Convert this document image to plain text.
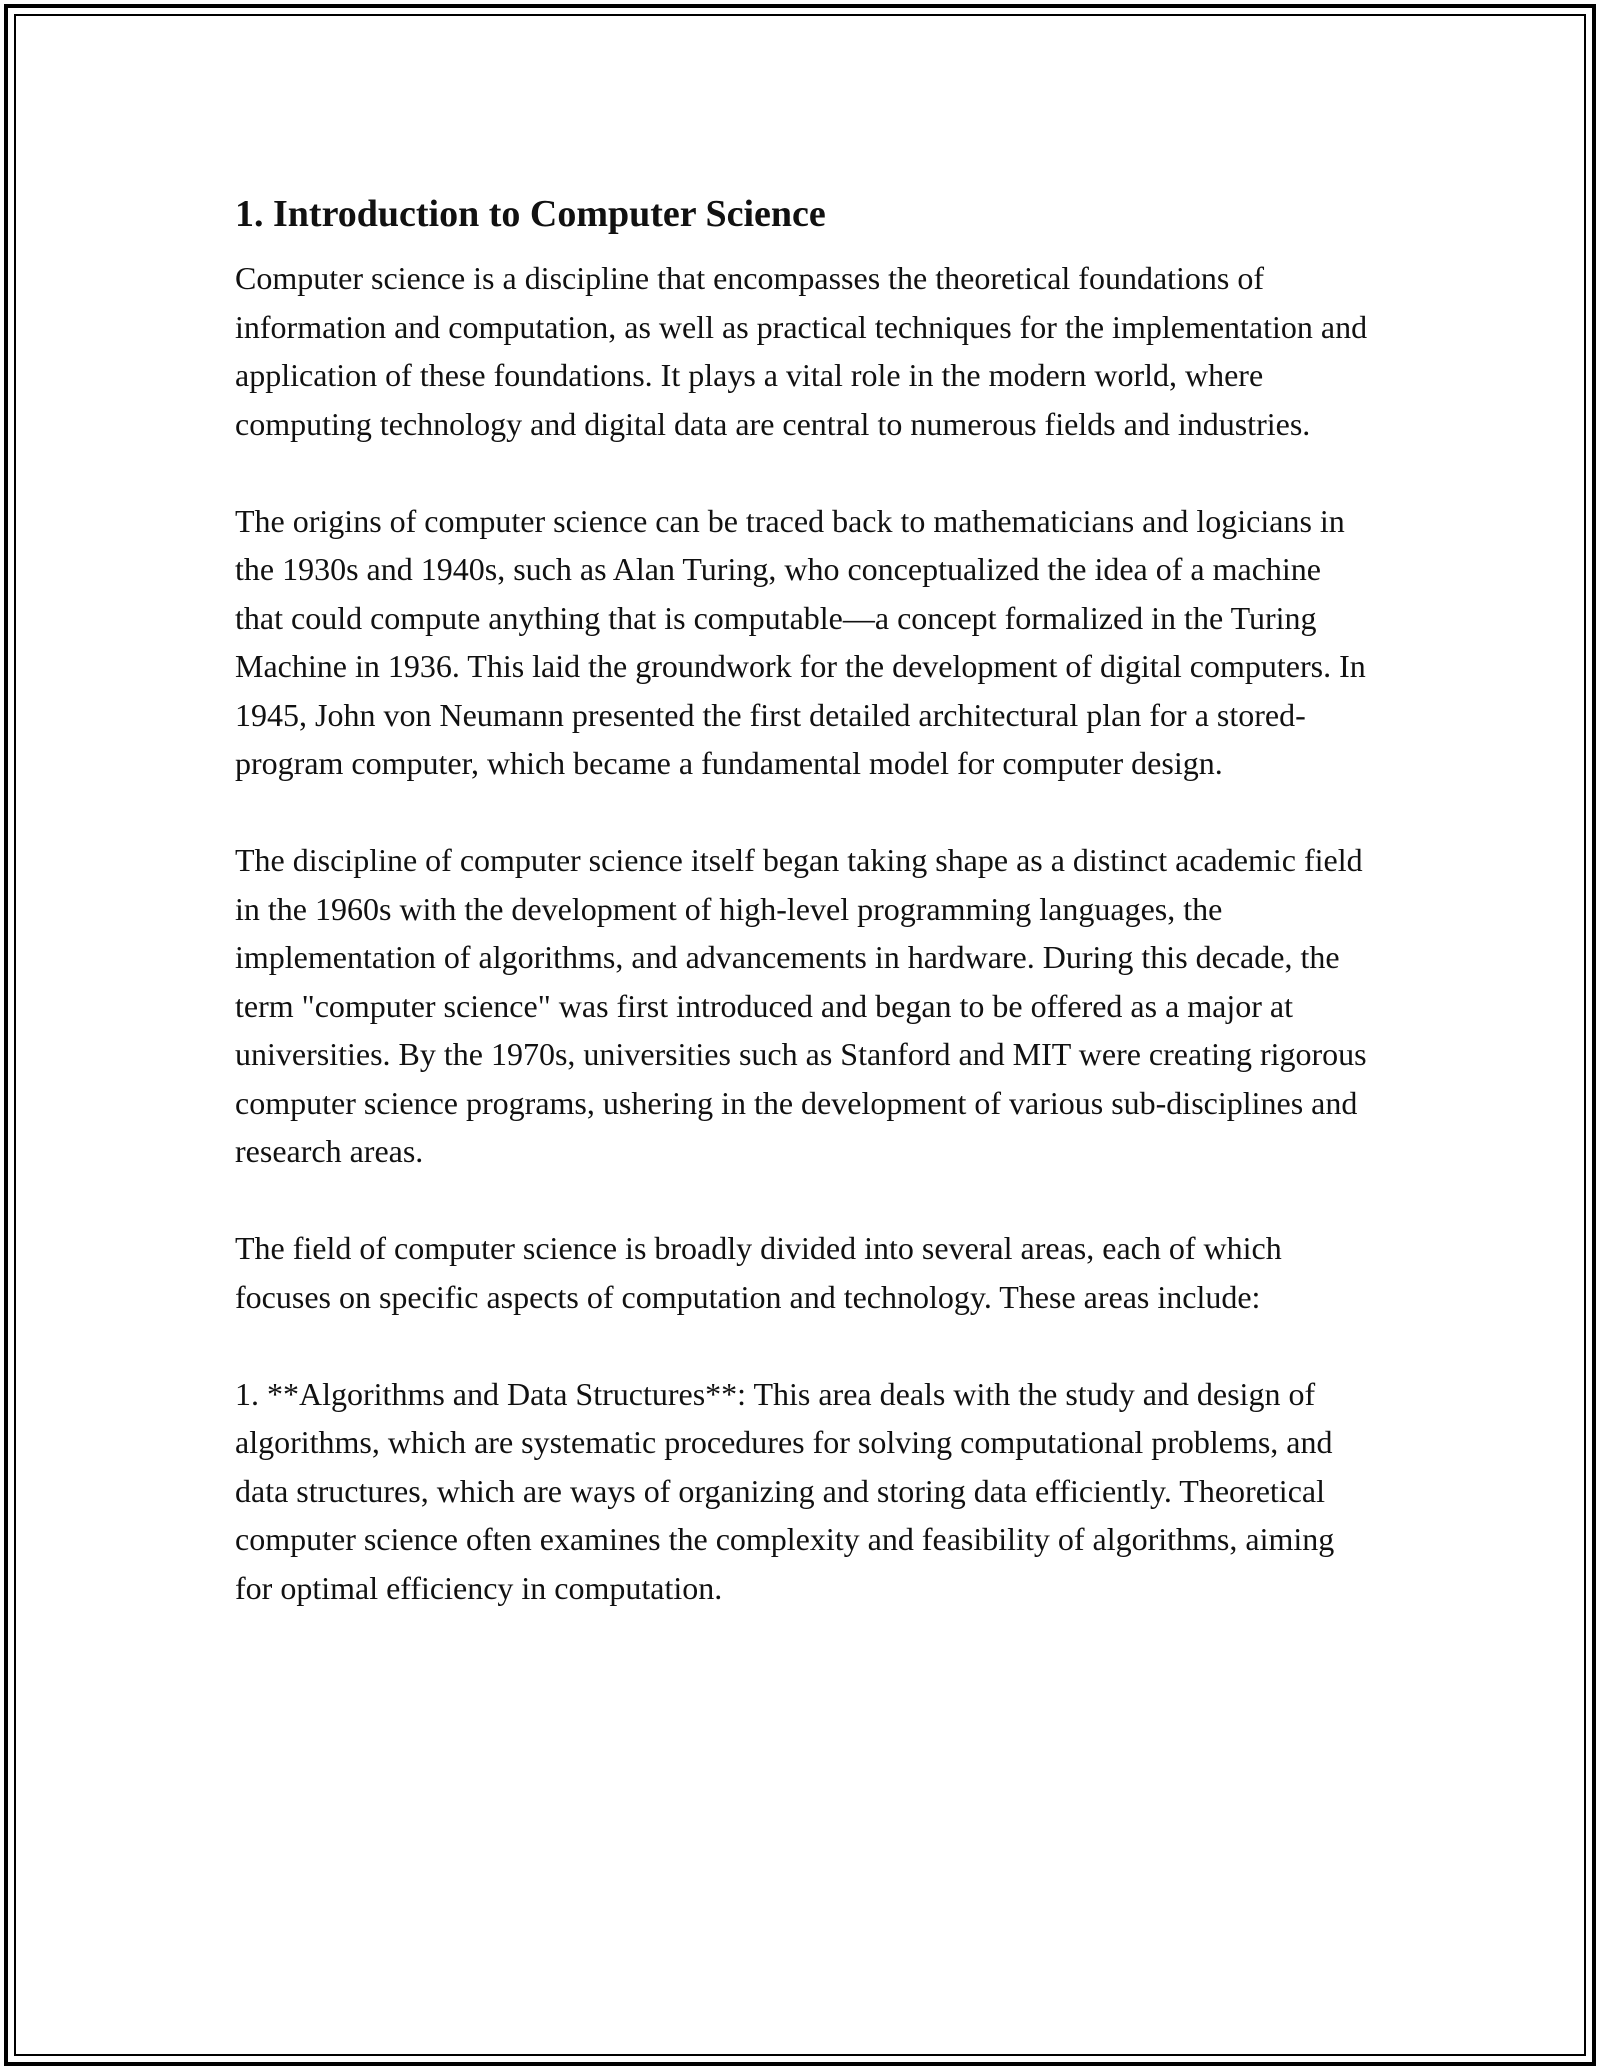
1. Introduction to Computer Science

Computer science is a discipline that encompasses the theoretical foundations of information and computation, as well as practical techniques for the implementation and application of these foundations. It plays a vital role in the modern world, where computing technology and digital data are central to numerous fields and industries.

The origins of computer science can be traced back to mathematicians and logicians in the 1930s and 1940s, such as Alan Turing, who conceptualized the idea of a machine that could compute anything that is computable—a concept formalized in the Turing Machine in 1936. This laid the groundwork for the development of digital computers. In 1945, John von Neumann presented the first detailed architectural plan for a stored-program computer, which became a fundamental model for computer design.

The discipline of computer science itself began taking shape as a distinct academic field in the 1960s with the development of high-level programming languages, the implementation of algorithms, and advancements in hardware. During this decade, the term "computer science" was first introduced and began to be offered as a major at universities. By the 1970s, universities such as Stanford and MIT were creating rigorous computer science programs, ushering in the development of various sub-disciplines and research areas.

The field of computer science is broadly divided into several areas, each of which focuses on specific aspects of computation and technology. These areas include:

1. **Algorithms and Data Structures**: This area deals with the study and design of algorithms, which are systematic procedures for solving computational problems, and data structures, which are ways of organizing and storing data efficiently. Theoretical computer science often examines the complexity and feasibility of algorithms, aiming for optimal efficiency in computation.
